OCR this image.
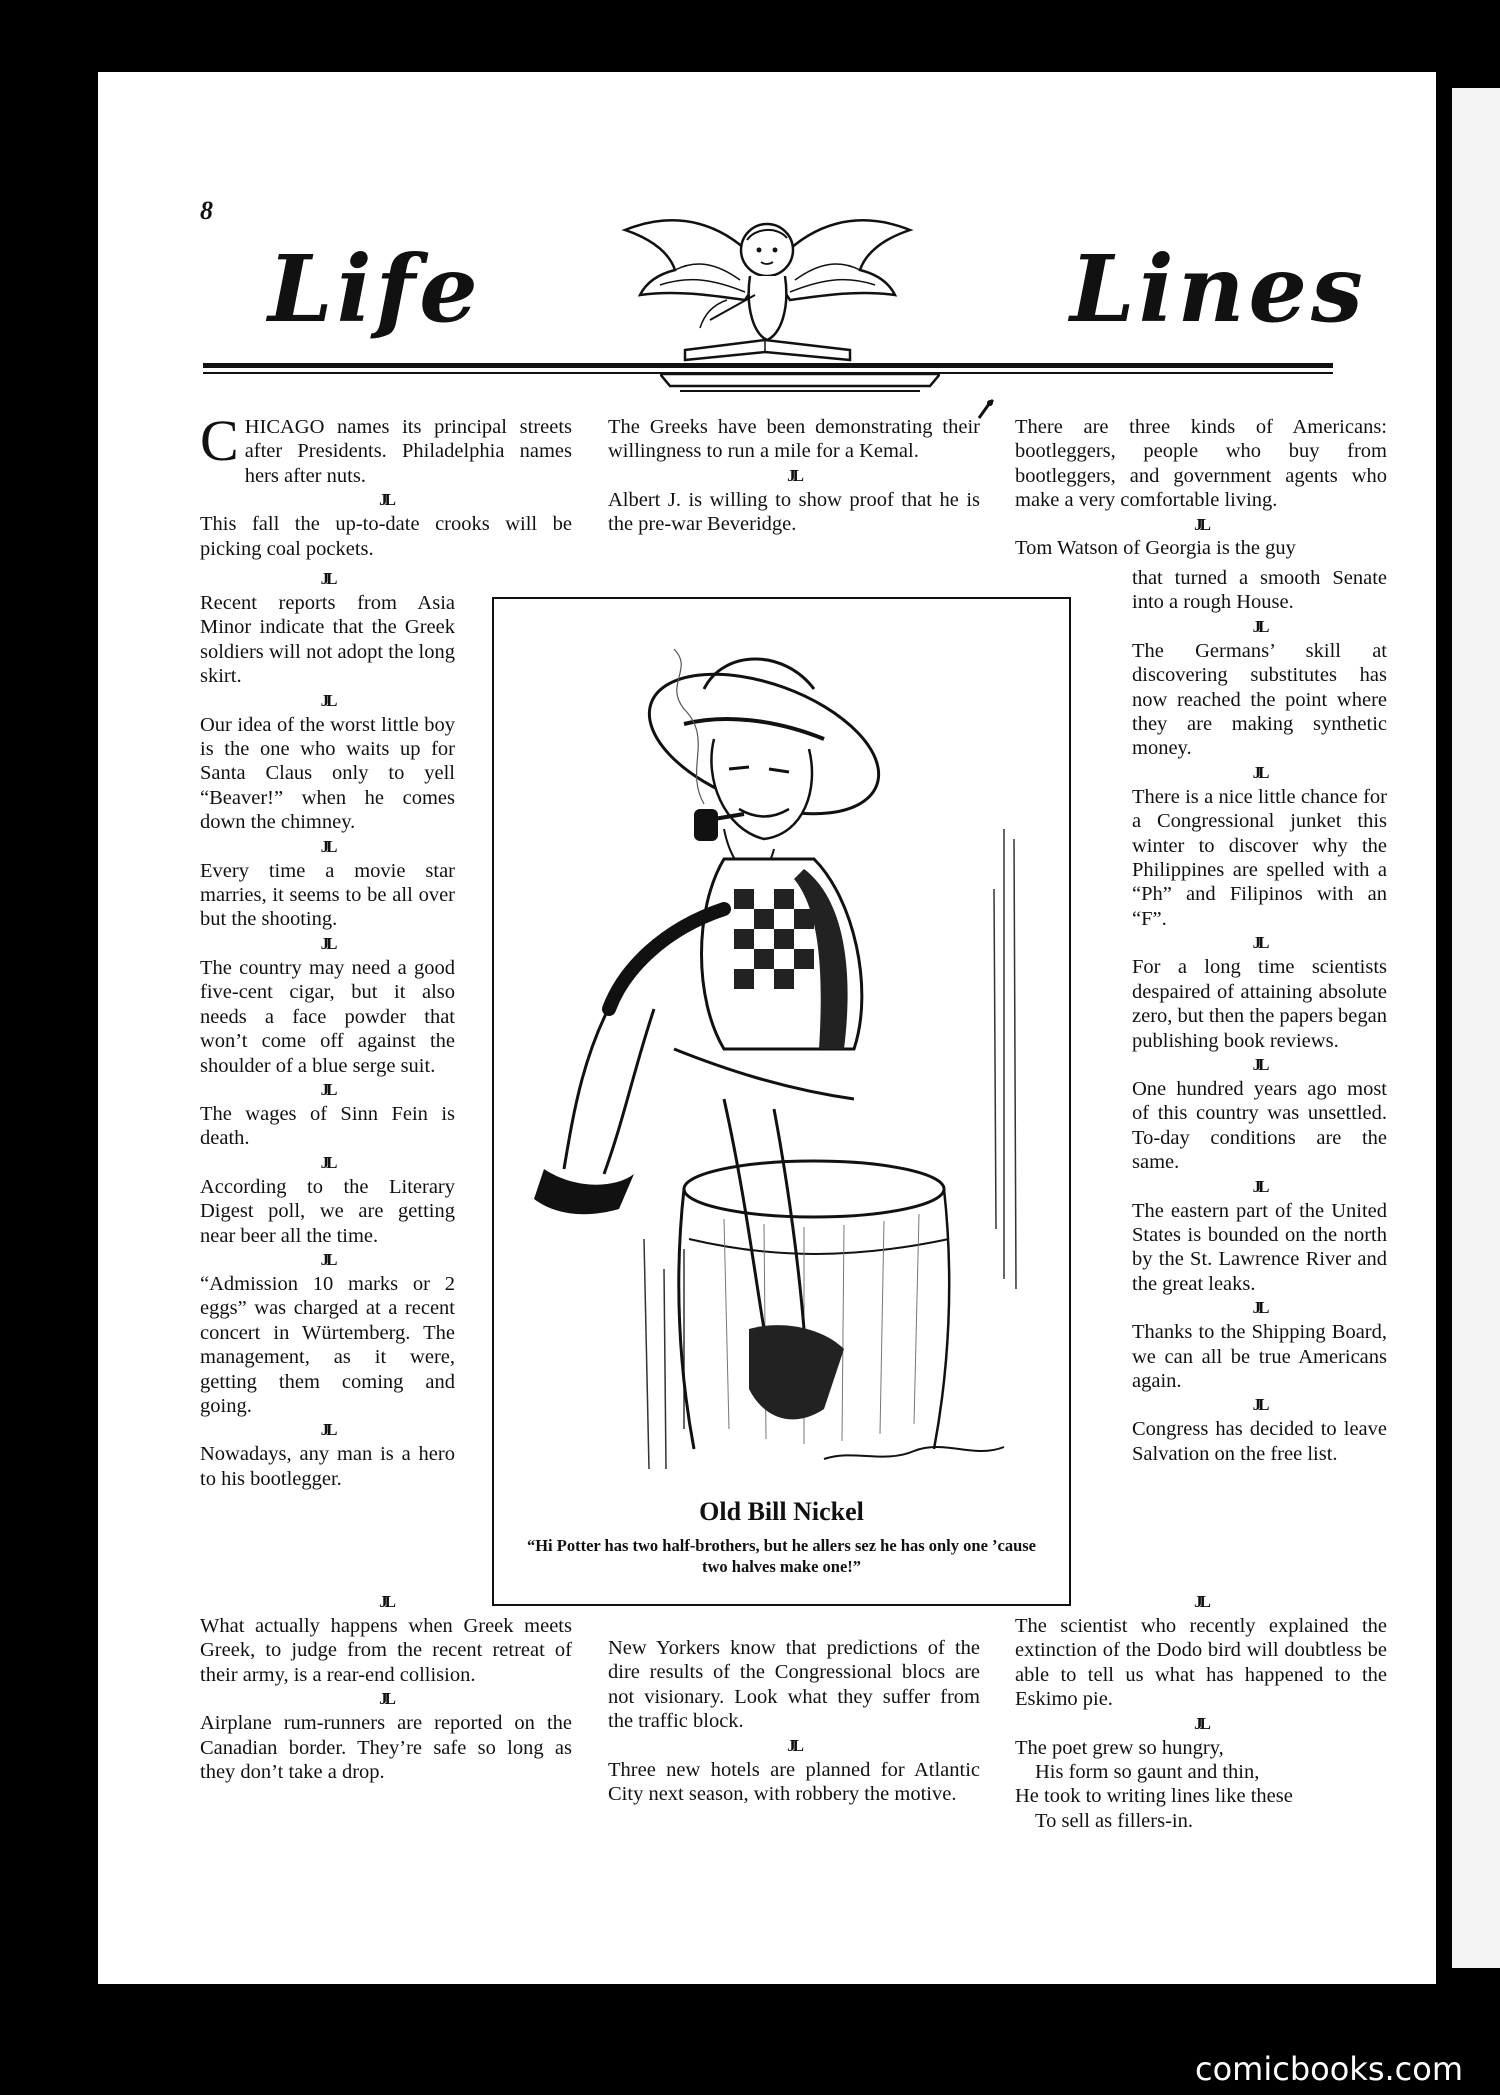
8
Life	Lines

CHICAGO names its principal streets after Presidents. Philadelphia names hers after nuts.

JL

This fall the up-to-date crooks will be picking coal pockets.

JL

Recent reports from Asia Minor indicate that the Greek soldiers will not adopt the long skirt.

JL

Our idea of the worst little boy is the one who waits up for Santa Claus only to yell “Beaver!” when he comes down the chimney.

JL

Every time a movie star marries, it seems to be all over but the shooting.

JL

The country may need a good five-cent cigar, but it also needs a face powder that won’t come off against the shoulder of a blue serge suit.

JL

The wages of Sinn Fein is death.

JL

According to the Literary Digest poll, we are getting near beer all the time.

JL

“Admission 10 marks or 2 eggs” was charged at a recent concert in Würtemberg. The management, as it were, getting them coming and going.

JL

Nowadays, any man is a hero to his bootlegger.

JL

What actually happens when Greek meets Greek, to judge from the recent retreat of their army, is a rear-end collision.

JL

Airplane rum-runners are reported on the Canadian border. They’re safe so long as they don’t take a drop.

The Greeks have been demonstrating their willingness to run a mile for a Kemal.

JL

Albert J. is willing to show proof that he is the pre-war Beveridge.

New Yorkers know that predictions of the dire results of the Congressional blocs are not visionary. Look what they suffer from the traffic block.

JL

Three new hotels are planned for Atlantic City next season, with robbery the motive.

There are three kinds of Americans: bootleggers, people who buy from bootleggers, and government agents who make a very comfortable living.

JL

Tom Watson of Georgia is the guy

that turned a smooth Senate into a rough House.

JL

The Germans’ skill at discovering substitutes has now reached the point where they are making synthetic money.

JL

There is a nice little chance for a Congressional junket this winter to discover why the Philippines are spelled with a “Ph” and Filipinos with an “F”.

JL

For a long time scientists despaired of attaining absolute zero, but then the papers began publishing book reviews.

JL

One hundred years ago most of this country was unsettled. To-day conditions are the same.

JL

The eastern part of the United States is bounded on the north by the St. Lawrence River and the great leaks.

JL

Thanks to the Shipping Board, we can all be true Americans again.

JL

Congress has decided to leave Salvation on the free list.

JL

The scientist who recently explained the extinction of the Dodo bird will doubtless be able to tell us what has happened to the Eskimo pie.

JL

The poet grew so hungry,

His form so gaunt and thin,

He took to writing lines like these

To sell as fillers-in.

Old Bill Nickel
“Hi Potter has two half-brothers, but he allers sez he has only one ’cause two halves make one!”
comicbooks.com
